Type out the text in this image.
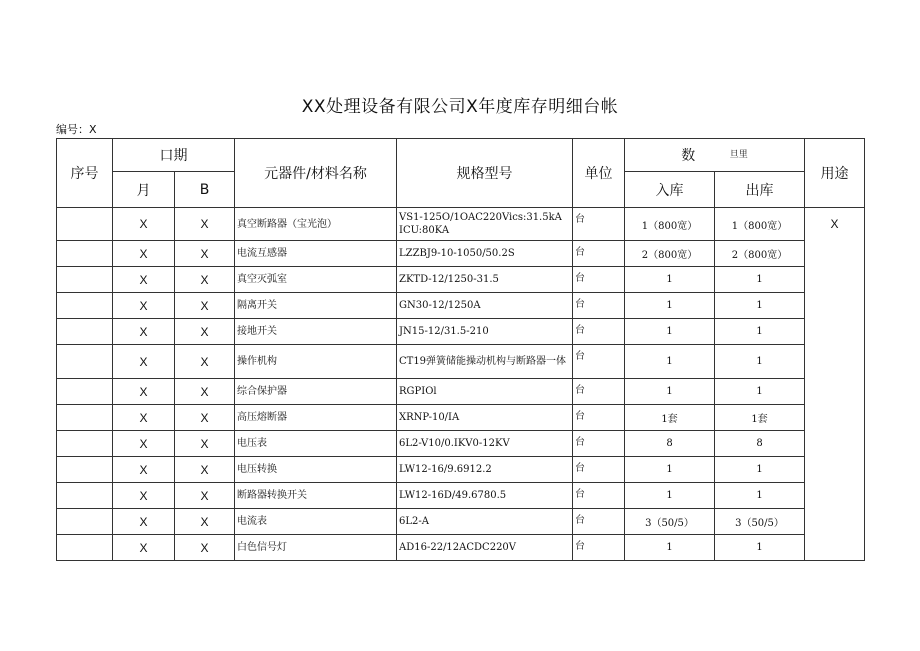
XX处理设备有限公司X年度库存明细台帐
编号：X
序号	口期		元器件/材料名称	规格型号	单位	数 $^{旦里}$		用途
	月	B				入库	出库	
	X	X	真空断路器（宝光泡）	VS1-125O/1OAC220Vics:31.5kA ICU:80KA	台	1（800宽）	1（800宽）	X
	X	X	电流互感器	LZZBJ9-10-1050/50.2S	台	2（800宽）	2（800宽）	
	X	X	真空灭弧室	ZKTD-12/1250-31.5	台	1	1	
	X	X	隔离开关	GN30-12/1250A	台	1	1	
	X	X	接地开关	JN15-12/31.5-210	台	1	1	
	X	X	操作机构	CT19弹簧储能操动机构与断路器一体	台	1	1	
	X	X	综合保护器	RGPIOl	台	1	1	
	X	X	高压熔断器	XRNP-10/IA	台	1套	1套	
	X	X	电压表	6L2-V10/0.IKV0-12KV	台	8	8	
	X	X	电压转换	LW12-16/9.6912.2	台	1	1	
	X	X	断路器转换开关	LW12-16D/49.6780.5	台	1	1	
	X	X	电流表	6L2-A	台	3（50/5）	3（50/5）	
	X	X	白色信号灯	AD16-22/12ACDC220V	台	1	1	
